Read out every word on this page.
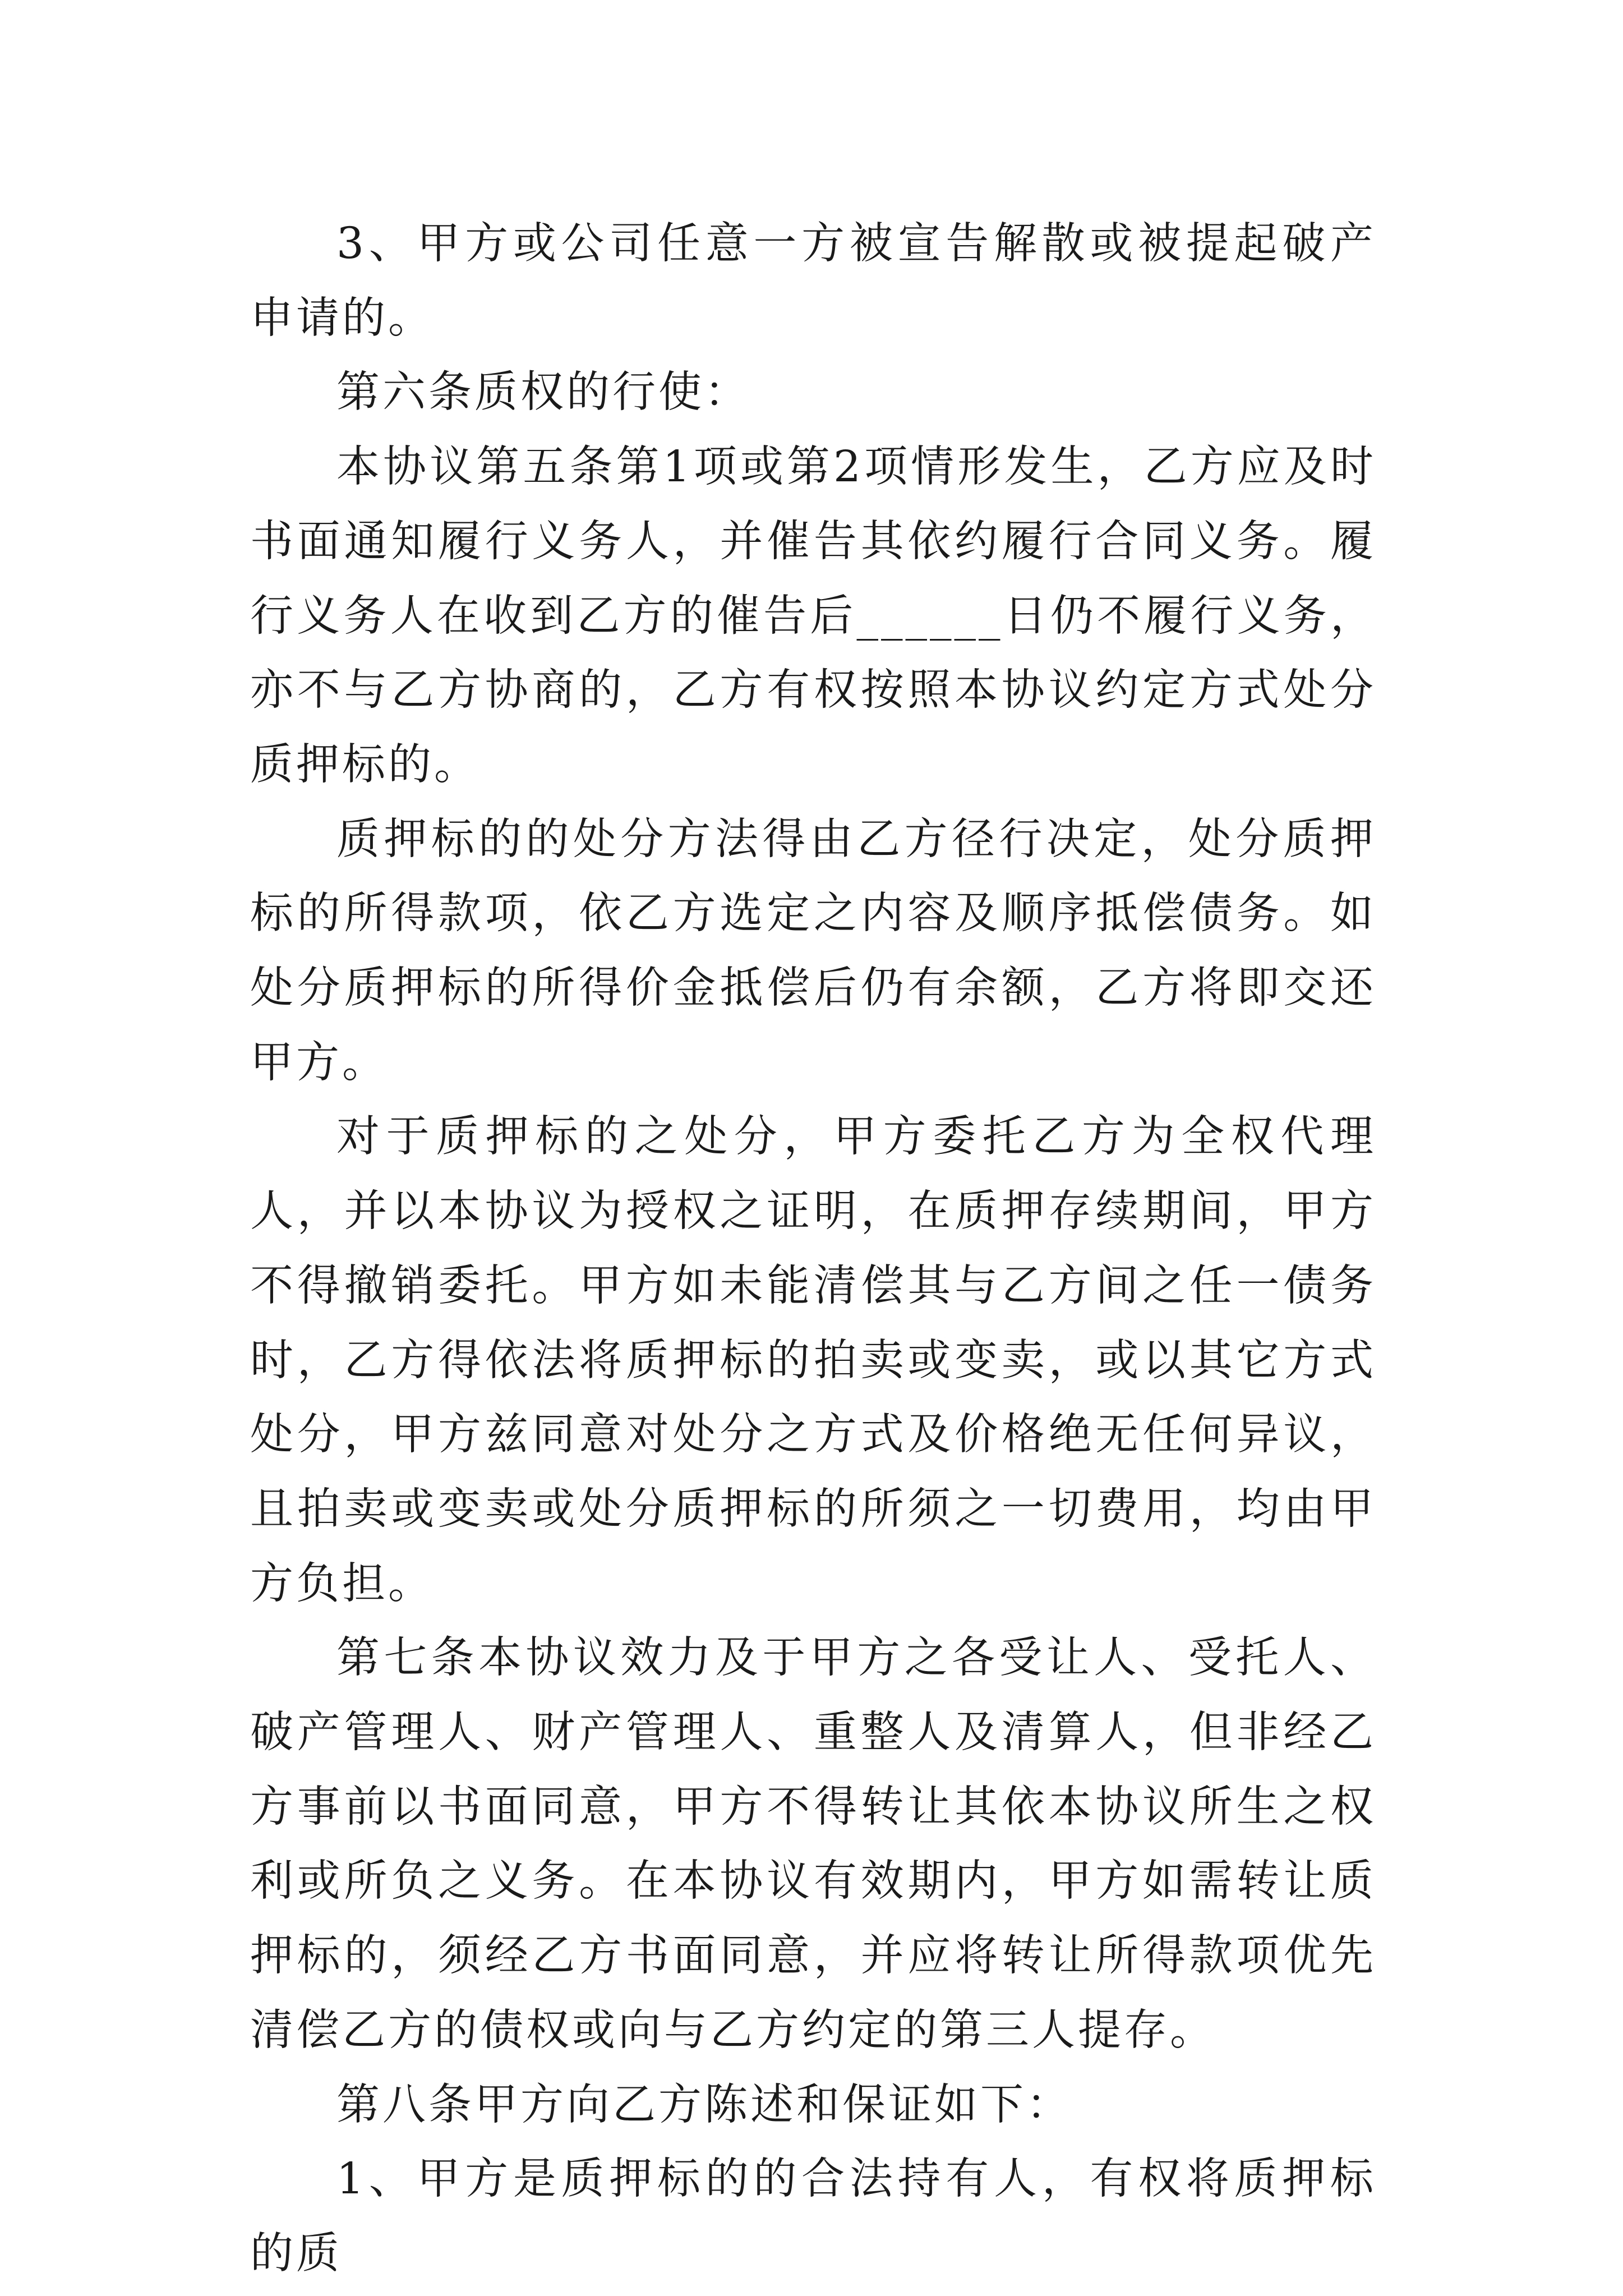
3、甲方或公司任意一方被宣告解散或被提起破产申请的。

第六条质权的行使：

本协议第五条第1项或第2项情形发生，乙方应及时书面通知履行义务人，并催告其依约履行合同义务。履行义务人在收到乙方的催告后______日仍不履行义务，亦不与乙方协商的，乙方有权按照本协议约定方式处分质押标的。

质押标的的处分方法得由乙方径行决定，处分质押标的所得款项，依乙方选定之内容及顺序抵偿债务。如处分质押标的所得价金抵偿后仍有余额，乙方将即交还甲方。

对于质押标的之处分，甲方委托乙方为全权代理人，并以本协议为授权之证明，在质押存续期间，甲方不得撤销委托。甲方如未能清偿其与乙方间之任一债务时，乙方得依法将质押标的拍卖或变卖，或以其它方式处分，甲方兹同意对处分之方式及价格绝无任何异议，且拍卖或变卖或处分质押标的所须之一切费用，均由甲方负担。

第七条本协议效力及于甲方之各受让人、受托人、破产管理人、财产管理人、重整人及清算人，但非经乙方事前以书面同意，甲方不得转让其依本协议所生之权利或所负之义务。在本协议有效期内，甲方如需转让质押标的，须经乙方书面同意，并应将转让所得款项优先清偿乙方的债权或向与乙方约定的第三人提存。

第八条甲方向乙方陈述和保证如下：

1、甲方是质押标的的合法持有人，有权将质押标的质
